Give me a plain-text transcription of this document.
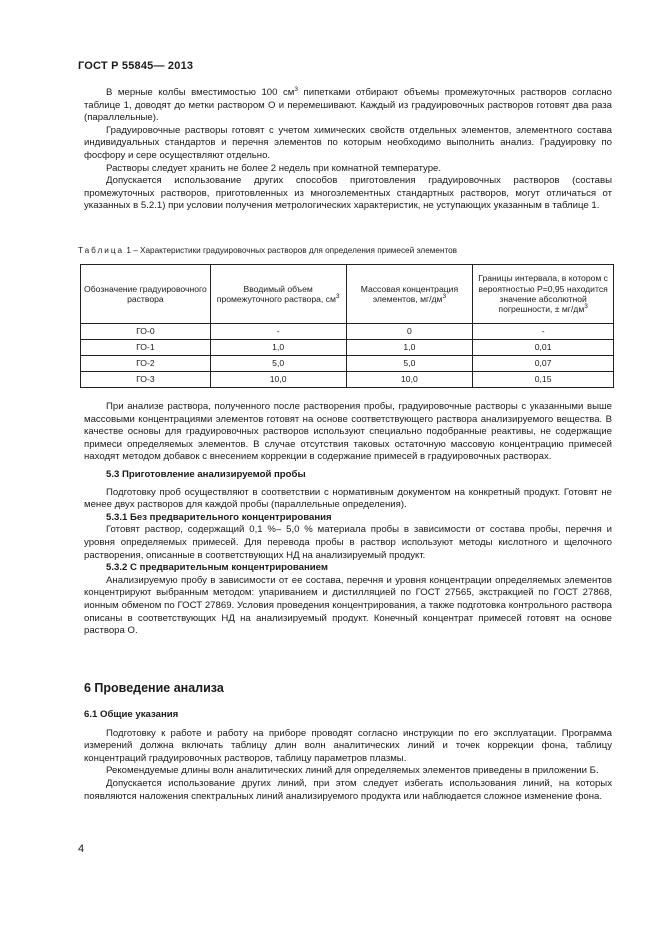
ГОСТ Р 55845— 2013

В мерные колбы вместимостью 100 $см^3$ пипетками отбирают объемы промежуточных растворов согласно таблице 1, доводят до метки раствором О и перемешивают. Каждый из градуировочных растворов готовят два раза (параллельные).

Градуировочные растворы готовят с учетом химических свойств отдельных элементов, элементного состава индивидуальных стандартов и перечня элементов по которым необходимо выполнить анализ. Градуировку по фосфору и сере осуществляют отдельно.

Растворы следует хранить не более 2 недель при комнатной температуре.

Допускается использование других способов приготовления градуировочных растворов (составы промежуточных растворов, приготовленных из многоэлементных стандартных растворов, могут отличаться от указанных в 5.2.1) при условии получения метрологических характеристик, не уступающих указанным в таблице 1.

Таблица 1 – Характеристики градуировочных растворов для определения примесей элементов
Обозначение градуировочного раствора	Вводимый объем промежуточного раствора, $см^3$	Массовая концентрация элементов, $мг/дм^3$	Границы интервала, в котором с вероятностью P=0,95 находится значение абсолютной погрешности, ± $мг/дм^3$
ГО-0	-	0	-
ГО-1	1,0	1,0	0,01
ГО-2	5,0	5,0	0,07
ГО-3	10,0	10,0	0,15

При анализе раствора, полученного после растворения пробы, градуировочные растворы с указанными выше массовыми концентрациями элементов готовят на основе соответствующего раствора анализируемого вещества. В качестве основы для градуировочных растворов используют специально подобранные реактивы, не содержащие примеси определяемых элементов. В случае отсутствия таковых остаточную массовую концентрацию примесей находят методом добавок с внесением коррекции в содержание примесей в градуировочных растворах.

5.3 Приготовление анализируемой пробы

Подготовку проб осуществляют в соответствии с нормативным документом на конкретный продукт. Готовят не менее двух растворов для каждой пробы (параллельные определения).

5.3.1 Без предварительного концентрирования

Готовят раствор, содержащий 0,1 %– 5,0 % материала пробы в зависимости от состава пробы, перечня и уровня определяемых примесей. Для перевода пробы в раствор используют методы кислотного и щелочного растворения, описанные в соответствующих НД на анализируемый продукт.

5.3.2 С предварительным концентрированием

Анализируемую пробу в зависимости от ее состава, перечня и уровня концентрации определяемых элементов концентрируют выбранным методом: упариванием и дистилляцией по ГОСТ 27565, экстракцией по ГОСТ 27868, ионным обменом по ГОСТ 27869. Условия проведения концентрирования, а также подготовка контрольного раствора описаны в соответствующих НД на анализируемый продукт. Конечный концентрат примесей готовят на основе раствора О.

6 Проведение анализа

6.1 Общие указания

Подготовку к работе и работу на приборе проводят согласно инструкции по его эксплуатации. Программа измерений должна включать таблицу длин волн аналитических линий и точек коррекции фона, таблицу концентраций градуировочных растворов, таблицу параметров плазмы.

Рекомендуемые длины волн аналитических линий для определяемых элементов приведены в приложении Б.

Допускается использование других линий, при этом следует избегать использования линий, на которых появляются наложения спектральных линий анализируемого продукта или наблюдается сложное изменение фона.

4
